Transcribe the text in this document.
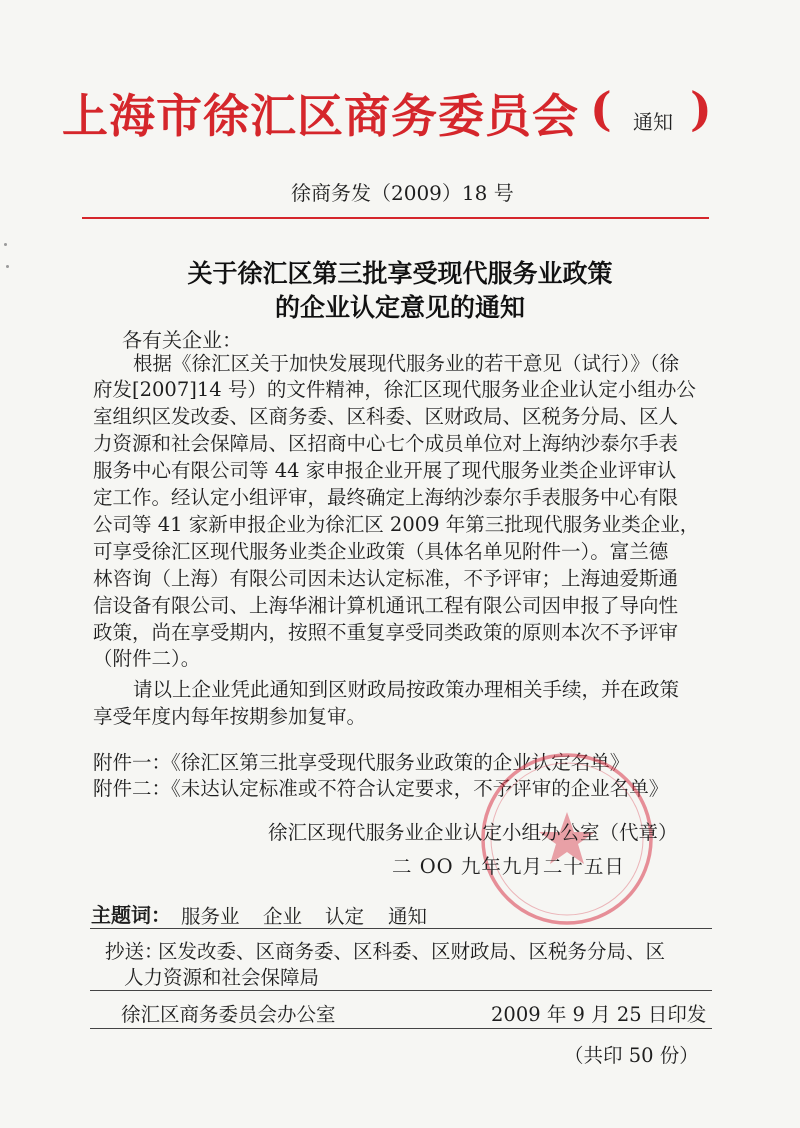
上海市徐汇区商务委员会 ( 通知 )
徐商务发（2009）18 号
关于徐汇区第三批享受现代服务业政策
的企业认定意见的通知
各有关企业：
根据《徐汇区关于加快发展现代服务业的若干意见（试行）》（徐
府发[2007]14 号）的文件精神，徐汇区现代服务业企业认定小组办公
室组织区发改委、区商务委、区科委、区财政局、区税务分局、区人
力资源和社会保障局、区招商中心七个成员单位对上海纳沙泰尔手表
服务中心有限公司等 44 家申报企业开展了现代服务业类企业评审认
定工作。经认定小组评审，最终确定上海纳沙泰尔手表服务中心有限
公司等 41 家新申报企业为徐汇区 2009 年第三批现代服务业类企业，
可享受徐汇区现代服务业类企业政策（具体名单见附件一）。富兰德
林咨询（上海）有限公司因未达认定标准，不予评审；上海迪爱斯通
信设备有限公司、上海华湘计算机通讯工程有限公司因申报了导向性
政策，尚在享受期内，按照不重复享受同类政策的原则本次不予评审
（附件二）。
请以上企业凭此通知到区财政局按政策办理相关手续，并在政策
享受年度内每年按期参加复审。
附件一：《徐汇区第三批享受现代服务业政策的企业认定名单》
附件二：《未达认定标准或不符合认定要求，不予评审的企业名单》
徐汇区现代服务业企业认定小组办公室（代章）
二 OO 九年九月二十五日
主题词： 服务业 企业 认定 通知
抄送：
区发改委、区商务委、区科委、区财政局、区税务分局、区
人力资源和社会保障局
徐汇区商务委员会办公室	2009 年 9 月 25 日印发
（共印 50 份）
